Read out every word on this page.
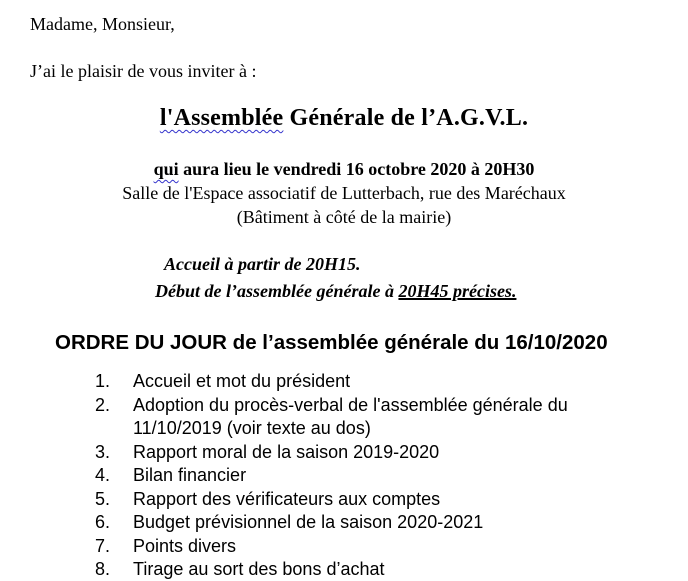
Madame, Monsieur,

J’ai le plaisir de vous inviter à :

l'Assemblée Générale de l’A.G.V.L.

qui aura lieu le vendredi 16 octobre 2020 à 20H30

Salle de l'Espace associatif de Lutterbach, rue des Maréchaux

(Bâtiment à côté de la mairie)

Accueil à partir de 20H15.

Début de l’assemblée générale à 20H45 précises.

ORDRE DU JOUR de l’assemblée générale du 16/10/2020
1. Accueil et mot du président
2. Adoption du procès-verbal de l'assemblée générale du 11/10/2019 (voir texte au dos)
3. Rapport moral de la saison 2019-2020
4. Bilan financier
5. Rapport des vérificateurs aux comptes
6. Budget prévisionnel de la saison 2020-2021
7. Points divers
8. Tirage au sort des bons d’achat
